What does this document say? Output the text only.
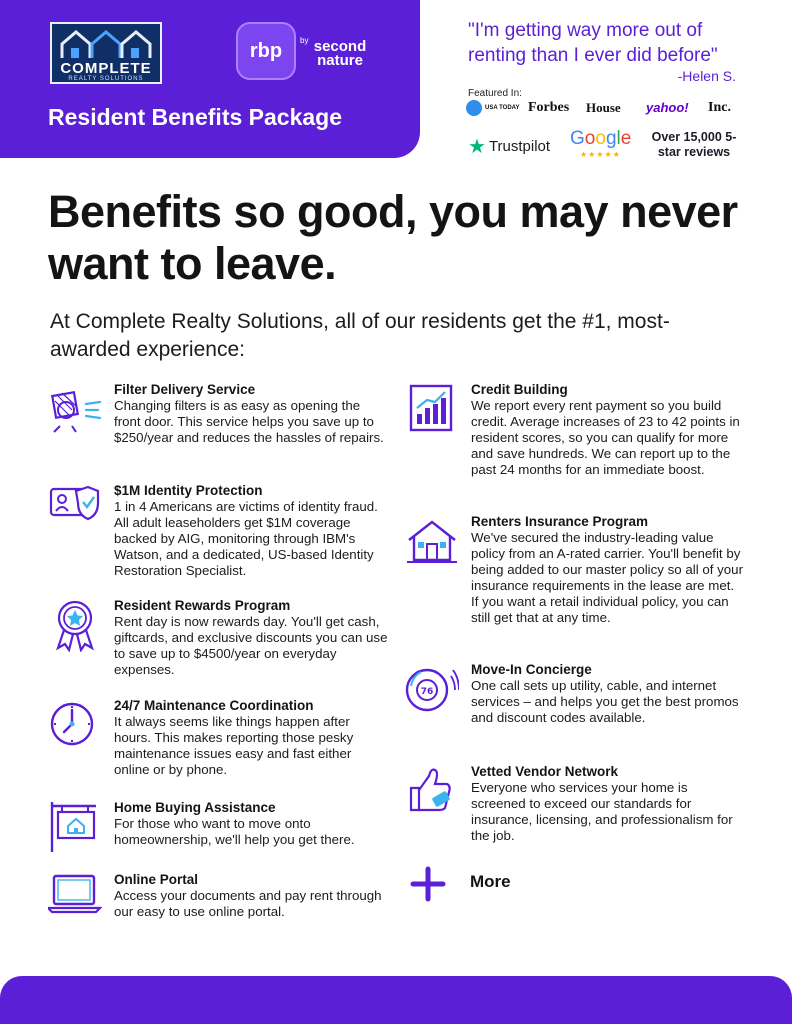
COMPLETE
REALTY SOLUTIONS
rbp	by second nature
Resident Benefits Package
"I'm getting way more out of renting than I ever did before"
-Helen S.
Featured In:
USA TODAY Forbes House yahoo! Inc.
★ Trustpilot Google
★★★★★
Over 15,000 5-star reviews
Benefits so good, you may never want to leave.
At Complete Realty Solutions, all of our residents get the #1, most-awarded experience:
Filter Delivery Service
Changing filters is as easy as opening the front door. This service helps you save up to $250/year and reduces the hassles of repairs.
$1M Identity Protection
1 in 4 Americans are victims of identity fraud. All adult leaseholders get $1M coverage backed by AIG, monitoring through IBM's Watson, and a dedicated, US-based Identity Restoration Specialist.
Resident Rewards Program
Rent day is now rewards day. You'll get cash, giftcards, and exclusive discounts you can use to save up to $4500/year on everyday expenses.
24/7 Maintenance Coordination
It always seems like things happen after hours. This makes reporting those pesky maintenance issues easy and fast either online or by phone.
Home Buying Assistance
For those who want to move onto homeownership, we'll help you get there.
Online Portal
Access your documents and pay rent through our easy to use online portal.
Credit Building
We report every rent payment so you build credit. Average increases of 23 to 42 points in resident scores, so you can qualify for more and save hundreds. We can report up to the past 24 months for an immediate boost.
Renters Insurance Program
We've secured the industry-leading value policy from an A-rated carrier. You'll benefit by being added to our master policy so all of your insurance requirements in the lease are met. If you want a retail individual policy, you can still get that at any time.
76
Move-In Concierge
One call sets up utility, cable, and internet services – and helps you get the best promos and discount codes available.
Vetted Vendor Network
Everyone who services your home is screened to exceed our standards for insurance, licensing, and professionalism for the job.
More
